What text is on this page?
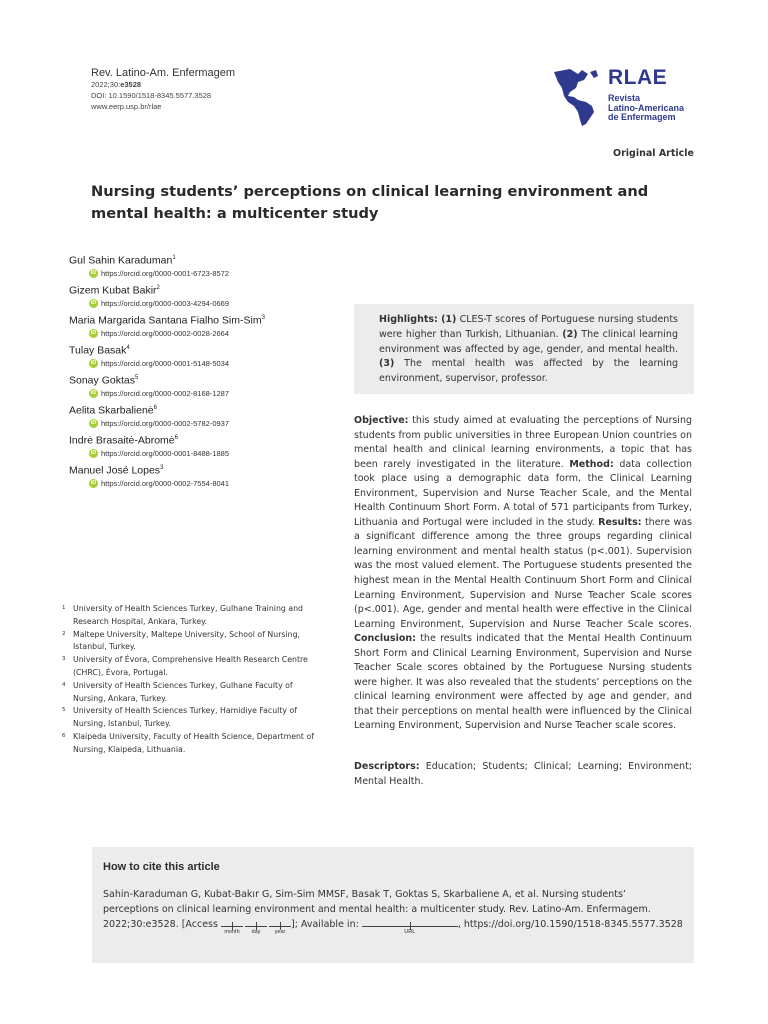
Rev. Latino-Am. Enfermagem
2022;30:e3528
DOI: 10.1590/1518-8345.5577.3528
www.eerp.usp.br/rlae
RLAE
Revista
Latino-Americana
de Enfermagem
Original Article
Nursing students’ perceptions on clinical learning environment and mental health: a multicenter study
Gul Sahin Karaduman$^1$
iD https://orcid.org/0000-0001-6723-8572
Gizem Kubat Bakir$^2$
iD https://orcid.org/0000-0003-4294-0669
Maria Margarida Santana Fialho Sim-Sim$^3$
iD https://orcid.org/0000-0002-0028-2664
Tulay Basak$^4$
iD https://orcid.org/0000-0001-5148-5034
Sonay Goktas$^5$
iD https://orcid.org/0000-0002-8168-1287
Aelita Skarbalienė$^6$
iD https://orcid.org/0000-0002-5782-0937
Indrė Brasaitė-Abromė$^6$
iD https://orcid.org/0000-0001-8488-1885
Manuel José Lopes$^3$
iD https://orcid.org/0000-0002-7554-8041
Highlights: (1) CLES-T scores of Portuguese nursing students were higher than Turkish, Lithuanian. (2) The clinical learning environment was affected by age, gender, and mental health. (3) The mental health was affected by the learning environment, supervisor, professor.
Objective: this study aimed at evaluating the perceptions of Nursing students from public universities in three European Union countries on mental health and clinical learning environments, a topic that has been rarely investigated in the literature. Method: data collection took place using a demographic data form, the Clinical Learning Environment, Supervision and Nurse Teacher Scale, and the Mental Health Continuum Short Form. A total of 571 participants from Turkey, Lithuania and Portugal were included in the study. Results: there was a significant difference among the three groups regarding clinical learning environment and mental health status (p<.001). Supervision was the most valued element. The Portuguese students presented the highest mean in the Mental Health Continuum Short Form and Clinical Learning Environment, Supervision and Nurse Teacher Scale scores (p<.001). Age, gender and mental health were effective in the Clinical Learning Environment, Supervision and Nurse Teacher Scale scores. Conclusion: the results indicated that the Mental Health Continuum Short Form and Clinical Learning Environment, Supervision and Nurse Teacher Scale scores obtained by the Portuguese Nursing students were higher. It was also revealed that the students’ perceptions on the clinical learning environment were affected by age and gender, and that their perceptions on mental health were influenced by the Clinical Learning Environment, Supervision and Nurse Teacher scale scores.
Descriptors: Education; Students; Clinical; Learning; Environment; Mental Health.
1 University of Health Sciences Turkey, Gulhane Training and Research Hospital, Ankara, Turkey.
2 Maltepe University, Maltepe University, School of Nursing, Istanbul, Turkey.
3 University of Évora, Comprehensive Health Research Centre (CHRC), Évora, Portugal.
4 University of Health Sciences Turkey, Gulhane Faculty of Nursing, Ankara, Turkey.
5 University of Health Sciences Turkey, Hamidiye Faculty of Nursing, Istanbul, Turkey.
6 Klaipeda University, Faculty of Health Science, Department of Nursing, Klaipeda, Lithuania.
How to cite this article
Sahin-Karaduman G, Kubat-Bakır G, Sim-Sim MMSF, Basak T, Goktas S, Skarbaliene A, et al. Nursing students’ perceptions on clinical learning environment and mental health: a multicenter study. Rev. Latino-Am. Enfermagem. 2022;30:e3528. [Access
month day	year
]; Available in:
URL
, https://doi.org/10.1590/1518-8345.5577.3528
